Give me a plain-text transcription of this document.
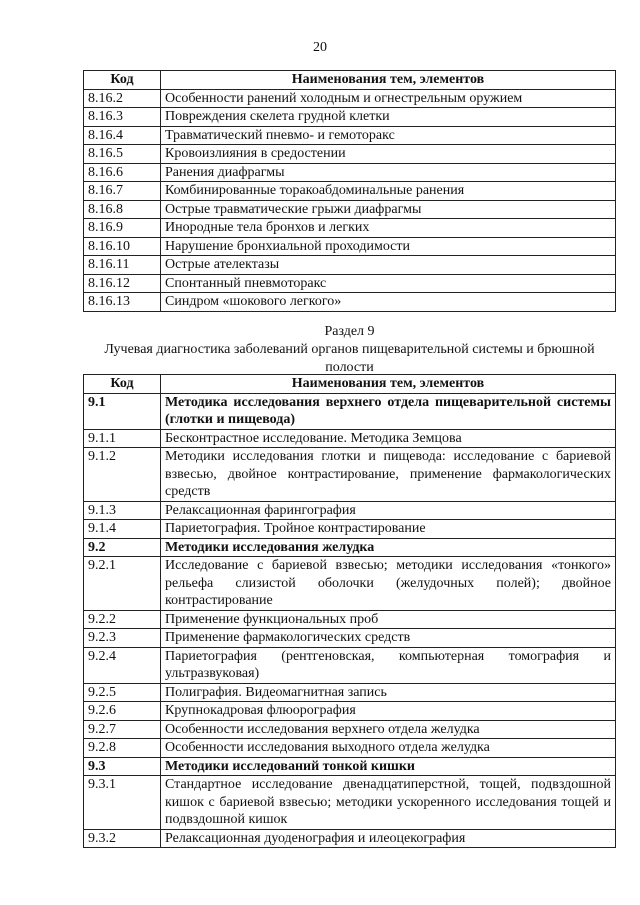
20
Код	Наименования тем, элементов
8.16.2	Особенности ранений холодным и огнестрельным оружием
8.16.3	Повреждения скелета грудной клетки
8.16.4	Травматический пневмо- и гемоторакс
8.16.5	Кровоизлияния в средостении
8.16.6	Ранения диафрагмы
8.16.7	Комбинированные торакоабдоминальные ранения
8.16.8	Острые травматические грыжи диафрагмы
8.16.9	Инородные тела бронхов и легких
8.16.10	Нарушение бронхиальной проходимости
8.16.11	Острые ателектазы
8.16.12	Спонтанный пневмоторакс
8.16.13	Синдром «шокового легкого»
Раздел 9
Лучевая диагностика заболеваний органов пищеварительной системы и брюшной полости
Код	Наименования тем, элементов
9.1	Методика исследования верхнего отдела пищеварительной системы (глотки и пищевода)
9.1.1	Бесконтрастное исследование. Методика Земцова
9.1.2	Методики исследования глотки и пищевода: исследование с бариевой взвесью, двойное контрастирование, применение фармакологических средств
9.1.3	Релаксационная фарингография
9.1.4	Париетография. Тройное контрастирование
9.2	Методики исследования желудка
9.2.1	Исследование с бариевой взвесью; методики исследования «тонкого» рельефа слизистой оболочки (желудочных полей); двойное контрастирование
9.2.2	Применение функциональных проб
9.2.3	Применение фармакологических средств
9.2.4	Париетография (рентгеновская, компьютерная томография и ультразвуковая)
9.2.5	Полиграфия. Видеомагнитная запись
9.2.6	Крупнокадровая флюорография
9.2.7	Особенности исследования верхнего отдела желудка
9.2.8	Особенности исследования выходного отдела желудка
9.3	Методики исследований тонкой кишки
9.3.1	Стандартное исследование двенадцатиперстной, тощей, подвздошной кишок с бариевой взвесью; методики ускоренного исследования тощей и подвздошной кишок
9.3.2	Релаксационная дуоденография и илеоцекография
